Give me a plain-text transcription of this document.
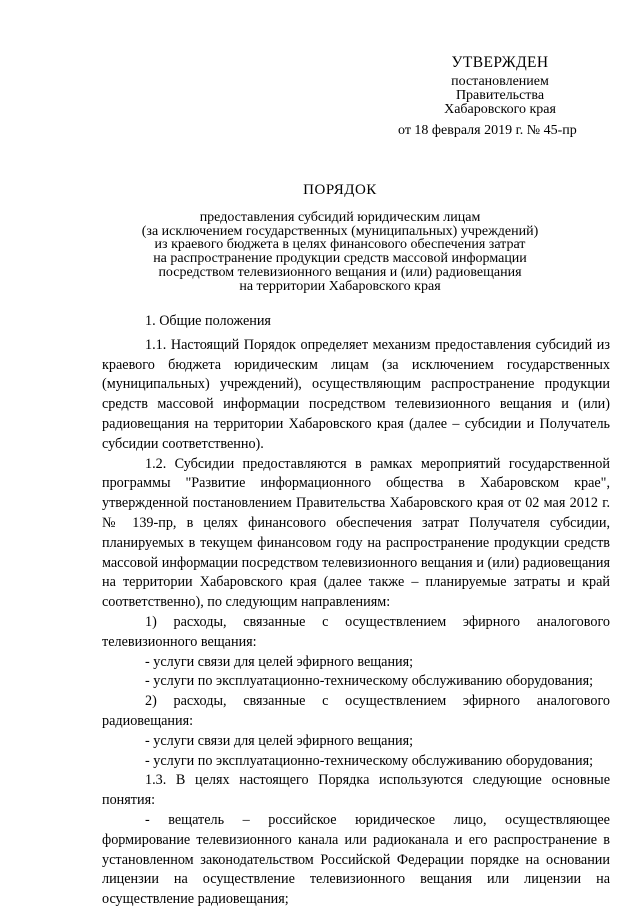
УТВЕРЖДЕН
постановлением
Правительства
Хабаровского края
от 18 февраля 2019 г. № 45-пр
ПОРЯДОК
предоставления субсидий юридическим лицам
(за исключением государственных (муниципальных) учреждений)
из краевого бюджета в целях финансового обеспечения затрат
на распространение продукции средств массовой информации
посредством телевизионного вещания и (или) радиовещания
на территории Хабаровского края

1. Общие положения

1.1. Настоящий Порядок определяет механизм предоставления субсидий из краевого бюджета юридическим лицам (за исключением государственных (муниципальных) учреждений), осуществляющим распространение продукции средств массовой информации посредством телевизионного вещания и (или) радиовещания на территории Хабаровского края (далее – субсидии и Получатель субсидии соответственно).

1.2. Субсидии предоставляются в рамках мероприятий государственной программы "Развитие информационного общества в Хабаровском крае", утвержденной постановлением Правительства Хабаровского края от 02 мая 2012 г. № 139-пр, в целях финансового обеспечения затрат Получателя субсидии, планируемых в текущем финансовом году на распространение продукции средств массовой информации посредством телевизионного вещания и (или) радиовещания на территории Хабаровского края (далее также – планируемые затраты и край соответственно), по следующим направлениям:

1) расходы, связанные с осуществлением эфирного аналогового телевизионного вещания:

- услуги связи для целей эфирного вещания;

- услуги по эксплуатационно-техническому обслуживанию оборудования;

2) расходы, связанные с осуществлением эфирного аналогового радиовещания:

- услуги связи для целей эфирного вещания;

- услуги по эксплуатационно-техническому обслуживанию оборудования;

1.3. В целях настоящего Порядка используются следующие основные понятия:

- вещатель – российское юридическое лицо, осуществляющее формирование телевизионного канала или радиоканала и его распространение в установленном законодательством Российской Федерации порядке на основании лицензии на осуществление телевизионного вещания или лицензии на осуществление радиовещания;
